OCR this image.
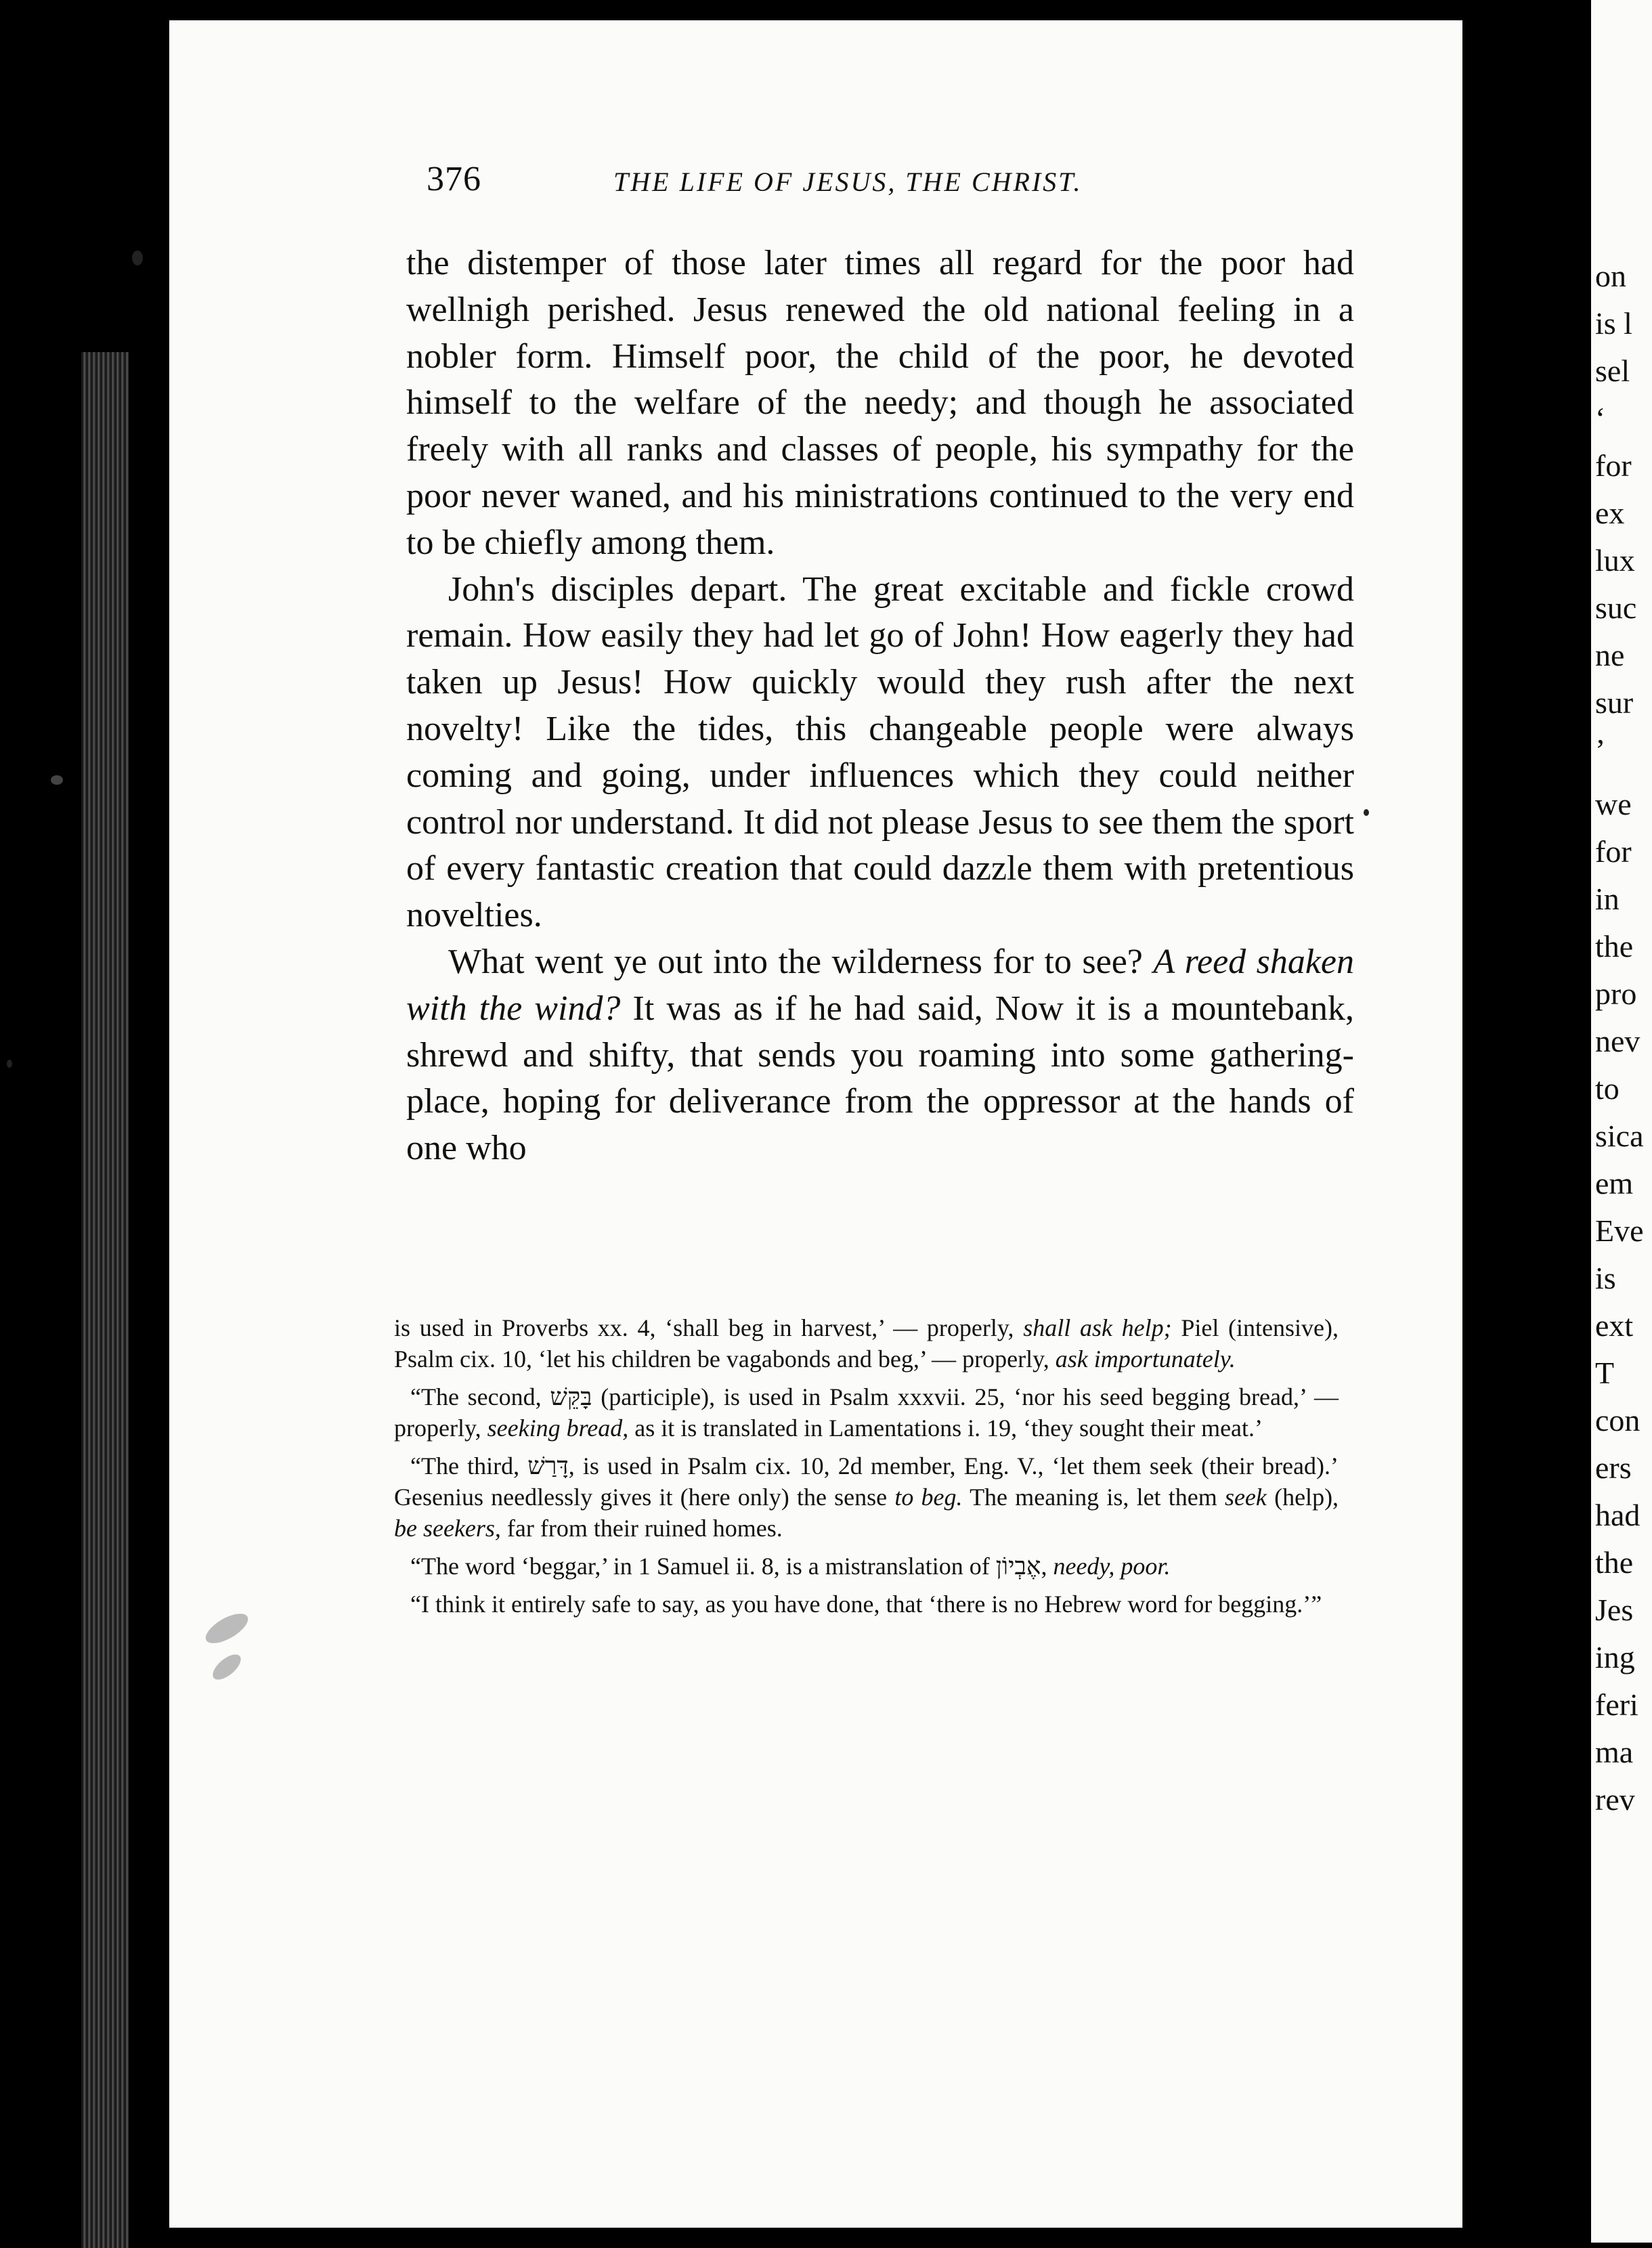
on
is l
sel
‘
for
ex
lux
suc
ne
sur
’
we
for
in
the
pro
nev
to
sica
em
Eve
is
ext
T
con
ers
had
the
Jes
ing
feri
ma
rev
376	THE LIFE OF JESUS, THE CHRIST.

the distemper of those later times all regard for the poor had wellnigh perished. Jesus renewed the old national feeling in a nobler form. Himself poor, the child of the poor, he devoted himself to the welfare of the needy; and though he associated freely with all ranks and classes of people, his sympathy for the poor never waned, and his ministrations continued to the very end to be chiefly among them.

John's disciples depart. The great excitable and fickle crowd remain. How easily they had let go of John! How eagerly they had taken up Jesus! How quickly would they rush after the next novelty! Like the tides, this changeable people were always coming and going, under influences which they could neither control nor understand. It did not please Jesus to see them the sport of every fantastic creation that could dazzle them with pretentious novelties.

What went ye out into the wilderness for to see? A reed shaken with the wind? It was as if he had said, Now it is a mountebank, shrewd and shifty, that sends you roaming into some gathering-place, hoping for deliverance from the oppressor at the hands of one who

is used in Proverbs xx. 4, ‘shall beg in harvest,’ — properly, shall ask help; Piel (intensive), Psalm cix. 10, ‘let his children be vagabonds and beg,’ — properly, ask importunately.

“The second, בָּקֵּשׁ (participle), is used in Psalm xxxvii. 25, ‘nor his seed begging bread,’ — properly, seeking bread, as it is translated in Lamentations i. 19, ‘they sought their meat.’

“The third, דָּרַשׁ, is used in Psalm cix. 10, 2d member, Eng. V., ‘let them seek (their bread).’ Gesenius needlessly gives it (here only) the sense to beg. The meaning is, let them seek (help), be seekers, far from their ruined homes.

“The word ‘beggar,’ in 1 Samuel ii. 8, is a mistranslation of אֶבְיוֹן, needy, poor.

“I think it entirely safe to say, as you have done, that ‘there is no Hebrew word for begging.’”
